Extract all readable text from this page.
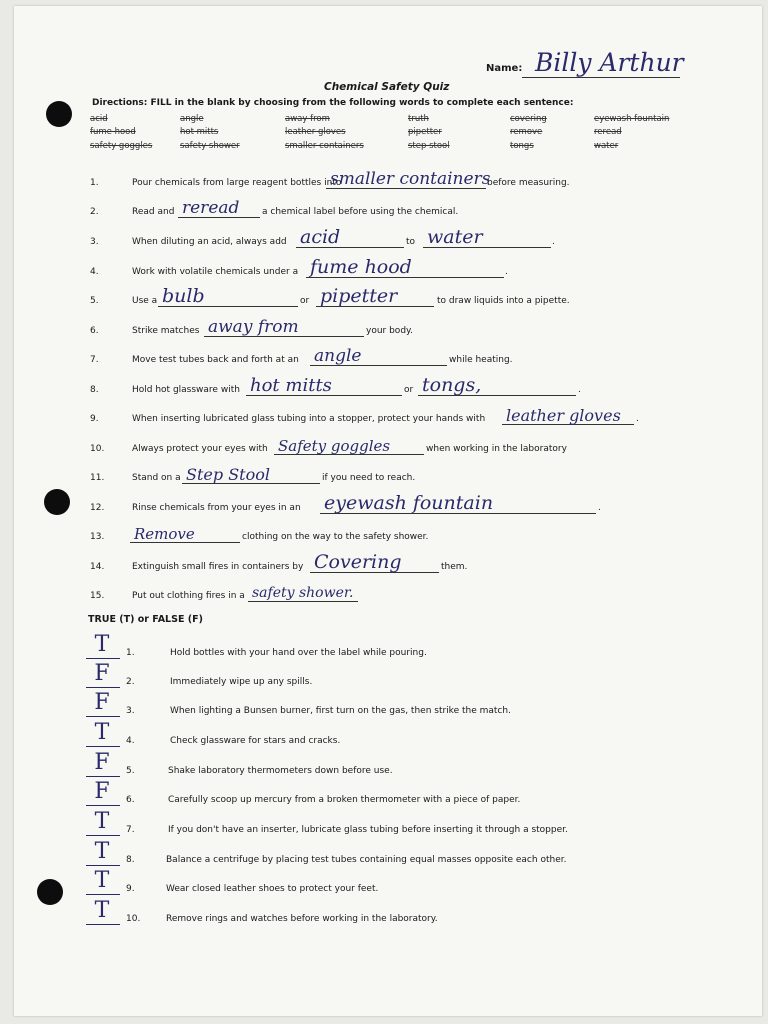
Name: Billy Arthur
Chemical Safety Quiz
Directions: FILL in the blank by choosing from the following words to complete each sentence:
acid	angle	away from	truth	covering	eyewash fountain
fume hood	hot mitts	leather gloves	pipetter	remove	reread
safety goggles	safety shower	smaller containers	step stool	tongs	water
1.	Pour chemicals from large reagent bottles into	before measuring.
smaller containers
2.	Read and	a chemical label before using the chemical.
reread
3.	When diluting an acid, always add	to	.
acid	water
4.	Work with volatile chemicals under a	.
fume hood
5.	Use a	or	to draw liquids into a pipette.
bulb	pipetter
6.	Strike matches	your body.
away from
7.	Move test tubes back and forth at an	while heating.
angle
8.	Hold hot glassware with	or	.
hot mitts	tongs,
9.	When inserting lubricated glass tubing into a stopper, protect your hands with	.
leather gloves
10.	Always protect your eyes with	when working in the laboratory
Safety goggles
11.	Stand on a	if you need to reach.
Step Stool
12.	Rinse chemicals from your eyes in an	.
eyewash fountain
13.	clothing on the way to the safety shower.
Remove
14.	Extinguish small fires in containers by	them.
Covering
15.	Put out clothing fires in a safety shower.
TRUE (T) or FALSE (F)
T	1.	Hold bottles with your hand over the label while pouring.
F	2.	Immediately wipe up any spills.
F	3.	When lighting a Bunsen burner, first turn on the gas, then strike the match.
T	4.	Check glassware for stars and cracks.
F	5.	Shake laboratory thermometers down before use.
F	6.	Carefully scoop up mercury from a broken thermometer with a piece of paper.
T	7.	If you don't have an inserter, lubricate glass tubing before inserting it through a stopper.
T	8.	Balance a centrifuge by placing test tubes containing equal masses opposite each other.
T	9.	Wear closed leather shoes to protect your feet.
T	10.	Remove rings and watches before working in the laboratory.
